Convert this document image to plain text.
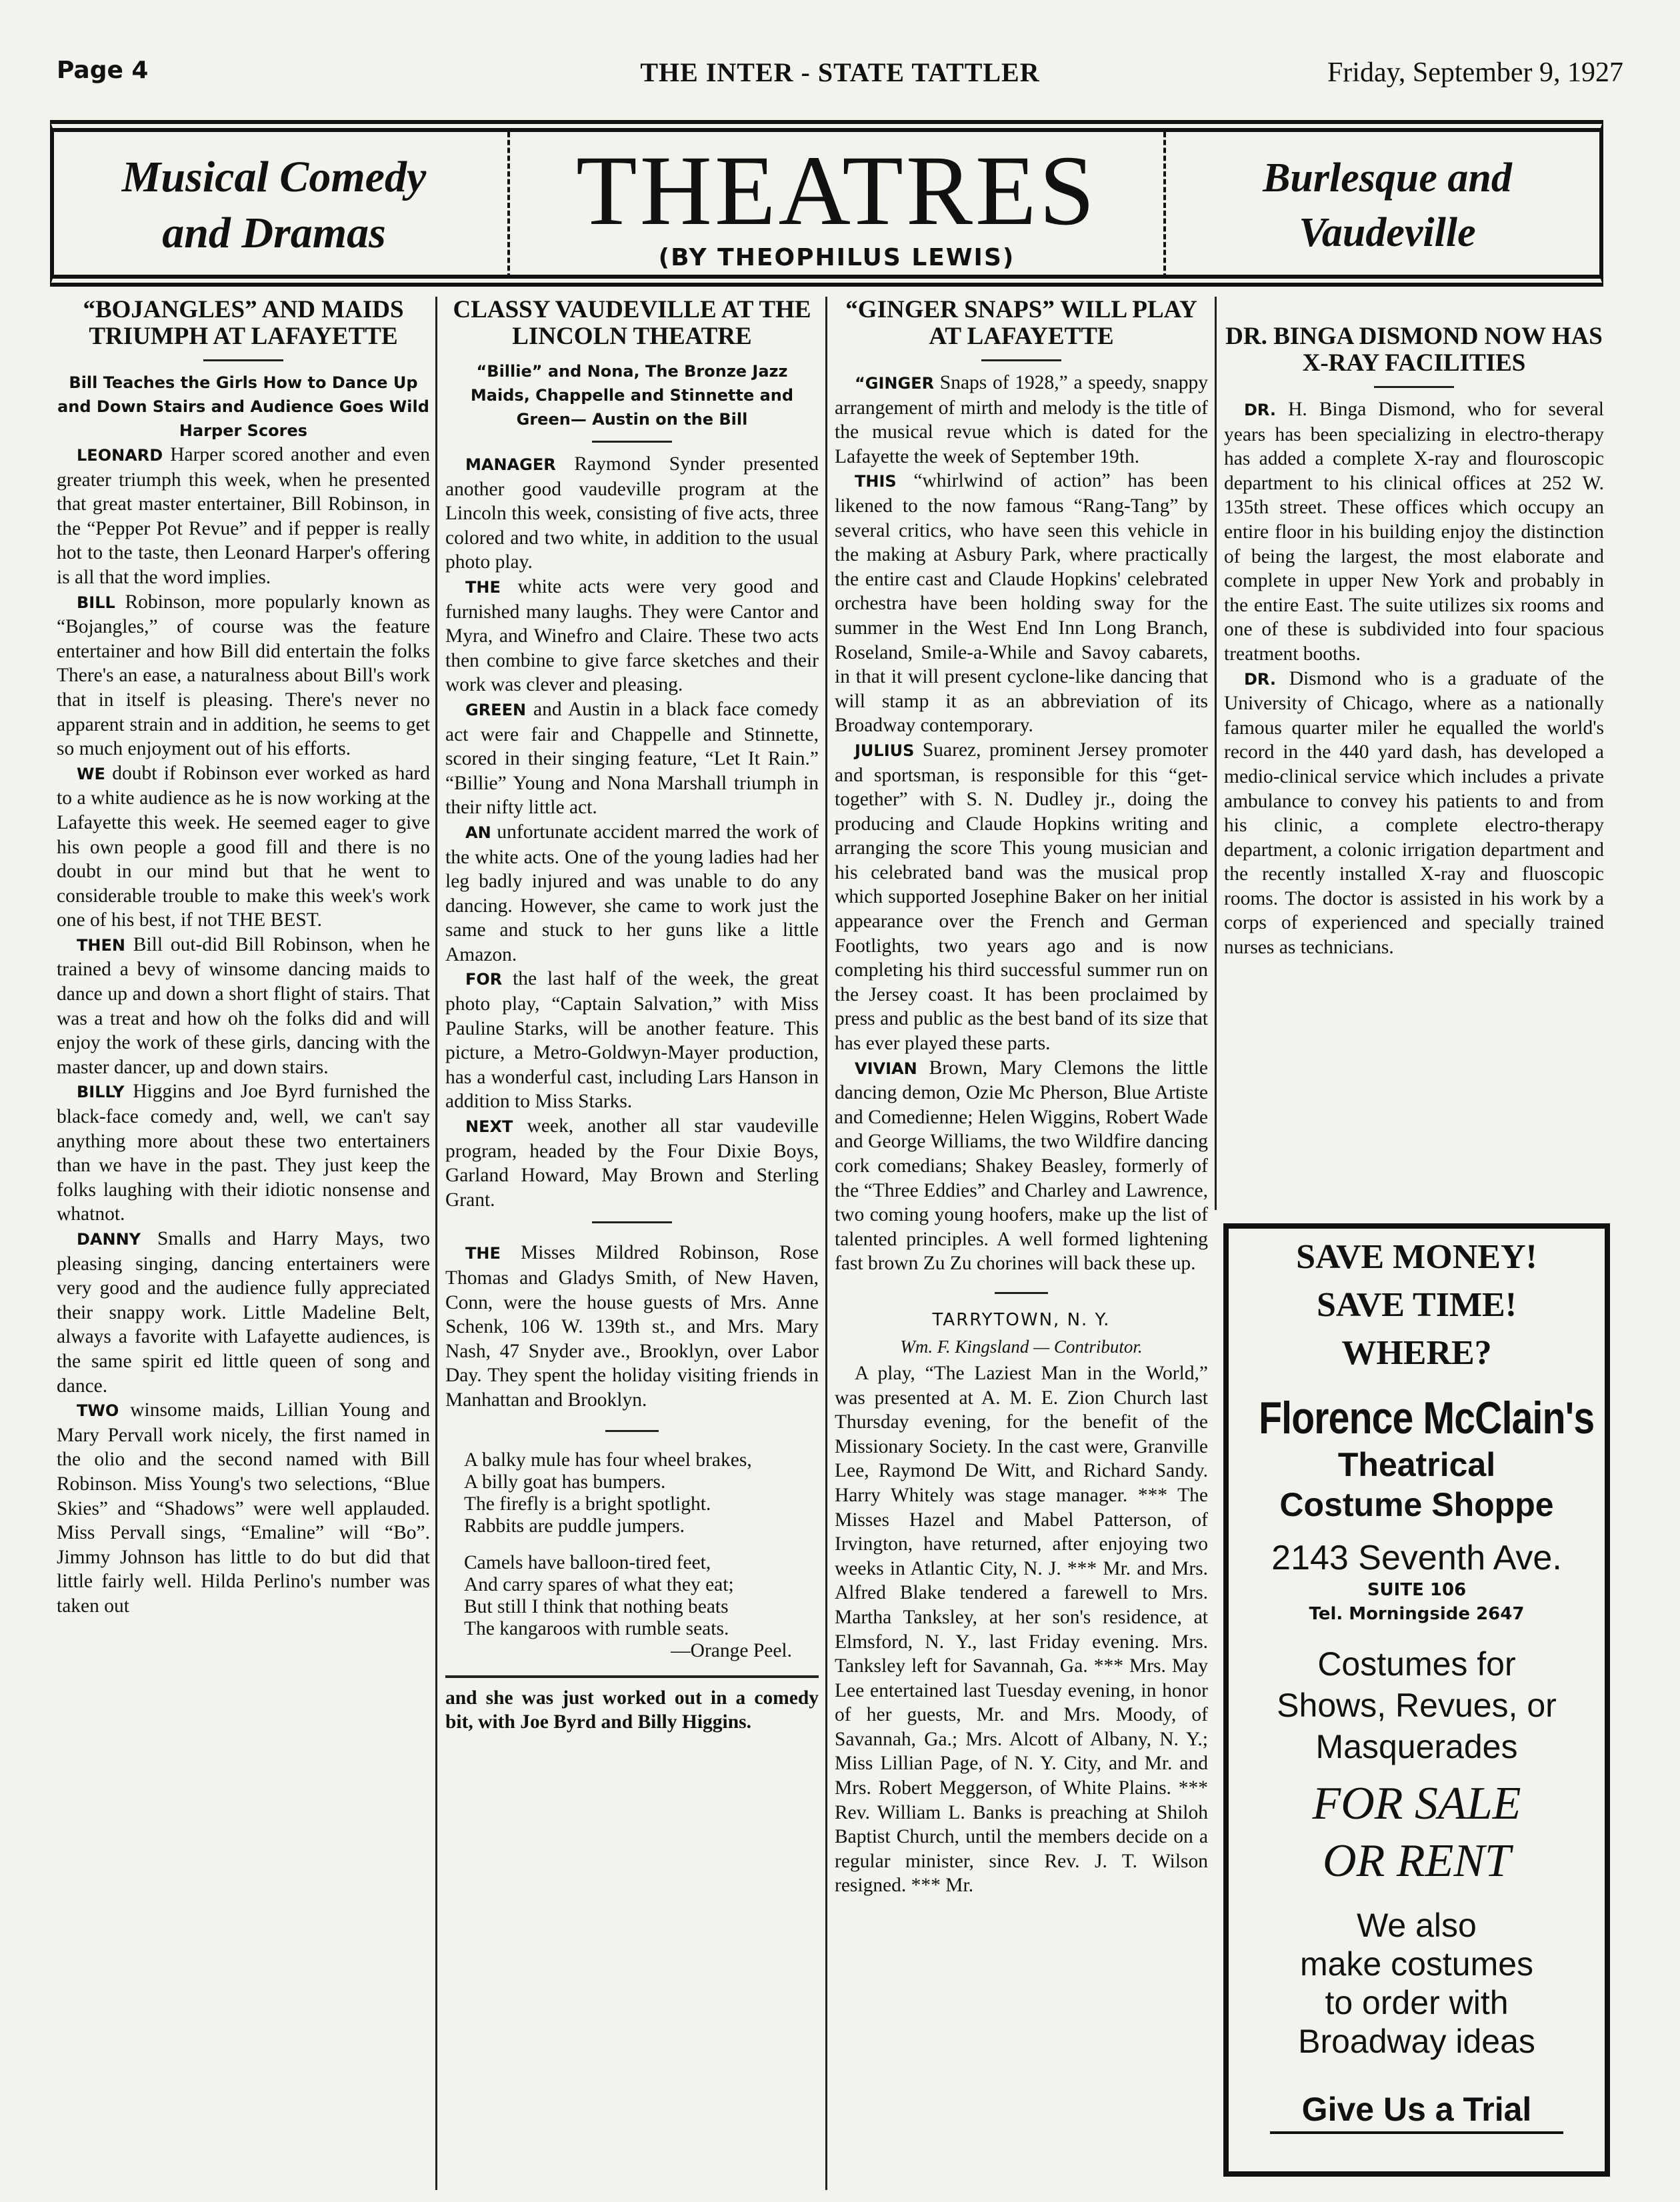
Page 4	THE INTER - STATE TATTLER	Friday, September 9, 1927
Musical Comedy
and Dramas	THEATRES
(BY THEOPHILUS LEWIS)
Burlesque and
Vaudeville
“BOJANGLES” AND MAIDS TRIUMPH AT LAFAYETTE
Bill Teaches the Girls How to Dance Up and Down Stairs and Audience Goes Wild Harper Scores

LEONARD Harper scored another and even greater triumph this week, when he presented that great master entertainer, Bill Robinson, in the “Pepper Pot Revue” and if pepper is really hot to the taste, then Leonard Harper's offering is all that the word implies.

BILL Robinson, more popularly known as “Bojangles,” of course was the feature entertainer and how Bill did entertain the folks There's an ease, a naturalness about Bill's work that in itself is pleasing. There's never no apparent strain and in addition, he seems to get so much enjoyment out of his efforts.

WE doubt if Robinson ever worked as hard to a white audience as he is now working at the Lafayette this week. He seemed eager to give his own people a good fill and there is no doubt in our mind but that he went to considerable trouble to make this week's work one of his best, if not THE BEST.

THEN Bill out-did Bill Robinson, when he trained a bevy of winsome dancing maids to dance up and down a short flight of stairs. That was a treat and how oh the folks did and will enjoy the work of these girls, dancing with the master dancer, up and down stairs.

BILLY Higgins and Joe Byrd furnished the black-face comedy and, well, we can't say anything more about these two entertainers than we have in the past. They just keep the folks laughing with their idiotic nonsense and whatnot.

DANNY Smalls and Harry Mays, two pleasing singing, dancing entertainers were very good and the audience fully appreciated their snappy work. Little Madeline Belt, always a favorite with Lafayette audiences, is the same spirit ed little queen of song and dance.

TWO winsome maids, Lillian Young and Mary Pervall work nicely, the first named in the olio and the second named with Bill Robinson. Miss Young's two selections, “Blue Skies” and “Shadows” were well applauded. Miss Pervall sings, “Emaline” will “Bo”. Jimmy Johnson has little to do but did that little fairly well. Hilda Perlino's number was taken out

CLASSY VAUDEVILLE AT THE LINCOLN THEATRE
“Billie” and Nona, The Bronze Jazz Maids, Chappelle and Stinnette and Green— Austin on the Bill

MANAGER Raymond Synder presented another good vaudeville program at the Lincoln this week, consisting of five acts, three colored and two white, in addition to the usual photo play.

THE white acts were very good and furnished many laughs. They were Cantor and Myra, and Winefro and Claire. These two acts then combine to give farce sketches and their work was clever and pleasing.

GREEN and Austin in a black face comedy act were fair and Chappelle and Stinnette, scored in their singing feature, “Let It Rain.” “Billie” Young and Nona Marshall triumph in their nifty little act.

AN unfortunate accident marred the work of the white acts. One of the young ladies had her leg badly injured and was unable to do any dancing. However, she came to work just the same and stuck to her guns like a little Amazon.

FOR the last half of the week, the great photo play, “Captain Salvation,” with Miss Pauline Starks, will be another feature. This picture, a Metro-Goldwyn-Mayer production, has a wonderful cast, including Lars Hanson in addition to Miss Starks.

NEXT week, another all star vaudeville program, headed by the Four Dixie Boys, Garland Howard, May Brown and Sterling Grant.

THE Misses Mildred Robinson, Rose Thomas and Gladys Smith, of New Haven, Conn, were the house guests of Mrs. Anne Schenk, 106 W. 139th st., and Mrs. Mary Nash, 47 Snyder ave., Brooklyn, over Labor Day. They spent the holiday visiting friends in Manhattan and Brooklyn.

A balky mule has four wheel brakes,
A billy goat has bumpers.
The firefly is a bright spotlight.
Rabbits are puddle jumpers.
Camels have balloon-tired feet,
And carry spares of what they eat;
But still I think that nothing beats
The kangaroos with rumble seats.
—Orange Peel.
and she was just worked out in a comedy bit, with Joe Byrd and Billy Higgins.
“GINGER SNAPS” WILL PLAY AT LAFAYETTE

“GINGER Snaps of 1928,” a speedy, snappy arrangement of mirth and melody is the title of the musical revue which is dated for the Lafayette the week of September 19th.

THIS “whirlwind of action” has been likened to the now famous “Rang-Tang” by several critics, who have seen this vehicle in the making at Asbury Park, where practically the entire cast and Claude Hopkins' celebrated orchestra have been holding sway for the summer in the West End Inn Long Branch, Roseland, Smile-a-While and Savoy cabarets, in that it will present cyclone-like dancing that will stamp it as an abbreviation of its Broadway contemporary.

JULIUS Suarez, prominent Jersey promoter and sportsman, is responsible for this “get-together” with S. N. Dudley jr., doing the producing and Claude Hopkins writing and arranging the score This young musician and his celebrated band was the musical prop which supported Josephine Baker on her initial appearance over the French and German Footlights, two years ago and is now completing his third successful summer run on the Jersey coast. It has been proclaimed by press and public as the best band of its size that has ever played these parts.

VIVIAN Brown, Mary Clemons the little dancing demon, Ozie Mc Pherson, Blue Artiste and Comedienne; Helen Wiggins, Robert Wade and George Williams, the two Wildfire dancing cork comedians; Shakey Beasley, formerly of the “Three Eddies” and Charley and Lawrence, two coming young hoofers, make up the list of talented principles. A well formed lightening fast brown Zu Zu chorines will back these up.

TARRYTOWN, N. Y.
Wm. F. Kingsland — Contributor.

A play, “The Laziest Man in the World,” was presented at A. M. E. Zion Church last Thursday evening, for the benefit of the Missionary Society. In the cast were, Granville Lee, Raymond De Witt, and Richard Sandy. Harry Whitely was stage manager. *** The Misses Hazel and Mabel Patterson, of Irvington, have returned, after enjoying two weeks in Atlantic City, N. J. *** Mr. and Mrs. Alfred Blake tendered a farewell to Mrs. Martha Tanksley, at her son's residence, at Elmsford, N. Y., last Friday evening. Mrs. Tanksley left for Savannah, Ga. *** Mrs. May Lee entertained last Tuesday evening, in honor of her guests, Mr. and Mrs. Moody, of Savannah, Ga.; Mrs. Alcott of Albany, N. Y.; Miss Lillian Page, of N. Y. City, and Mr. and Mrs. Robert Meggerson, of White Plains. *** Rev. William L. Banks is preaching at Shiloh Baptist Church, until the members decide on a regular minister, since Rev. J. T. Wilson resigned. *** Mr.

DR. BINGA DISMOND NOW HAS X-RAY FACILITIES

DR. H. Binga Dismond, who for several years has been specializing in electro-therapy has added a complete X-ray and flouroscopic department to his clinical offices at 252 W. 135th street. These offices which occupy an entire floor in his building enjoy the distinction of being the largest, the most elaborate and complete in upper New York and probably in the entire East. The suite utilizes six rooms and one of these is subdivided into four spacious treatment booths.

DR. Dismond who is a graduate of the University of Chicago, where as a nationally famous quarter miler he equalled the world's record in the 440 yard dash, has developed a medio-clinical service which includes a private ambulance to convey his patients to and from his clinic, a complete electro-therapy department, a colonic irrigation department and the recently installed X-ray and fluoscopic rooms. The doctor is assisted in his work by a corps of experienced and specially trained nurses as technicians.

SAVE MONEY!
SAVE TIME!
WHERE?
Florence McClain's
Theatrical
Costume Shoppe
2143 Seventh Ave.
SUITE 106
Tel. Morningside 2647
Costumes for
Shows, Revues, or
Masquerades
FOR SALE
OR RENT
We also
make costumes
to order with
Broadway ideas
Give Us a Trial
